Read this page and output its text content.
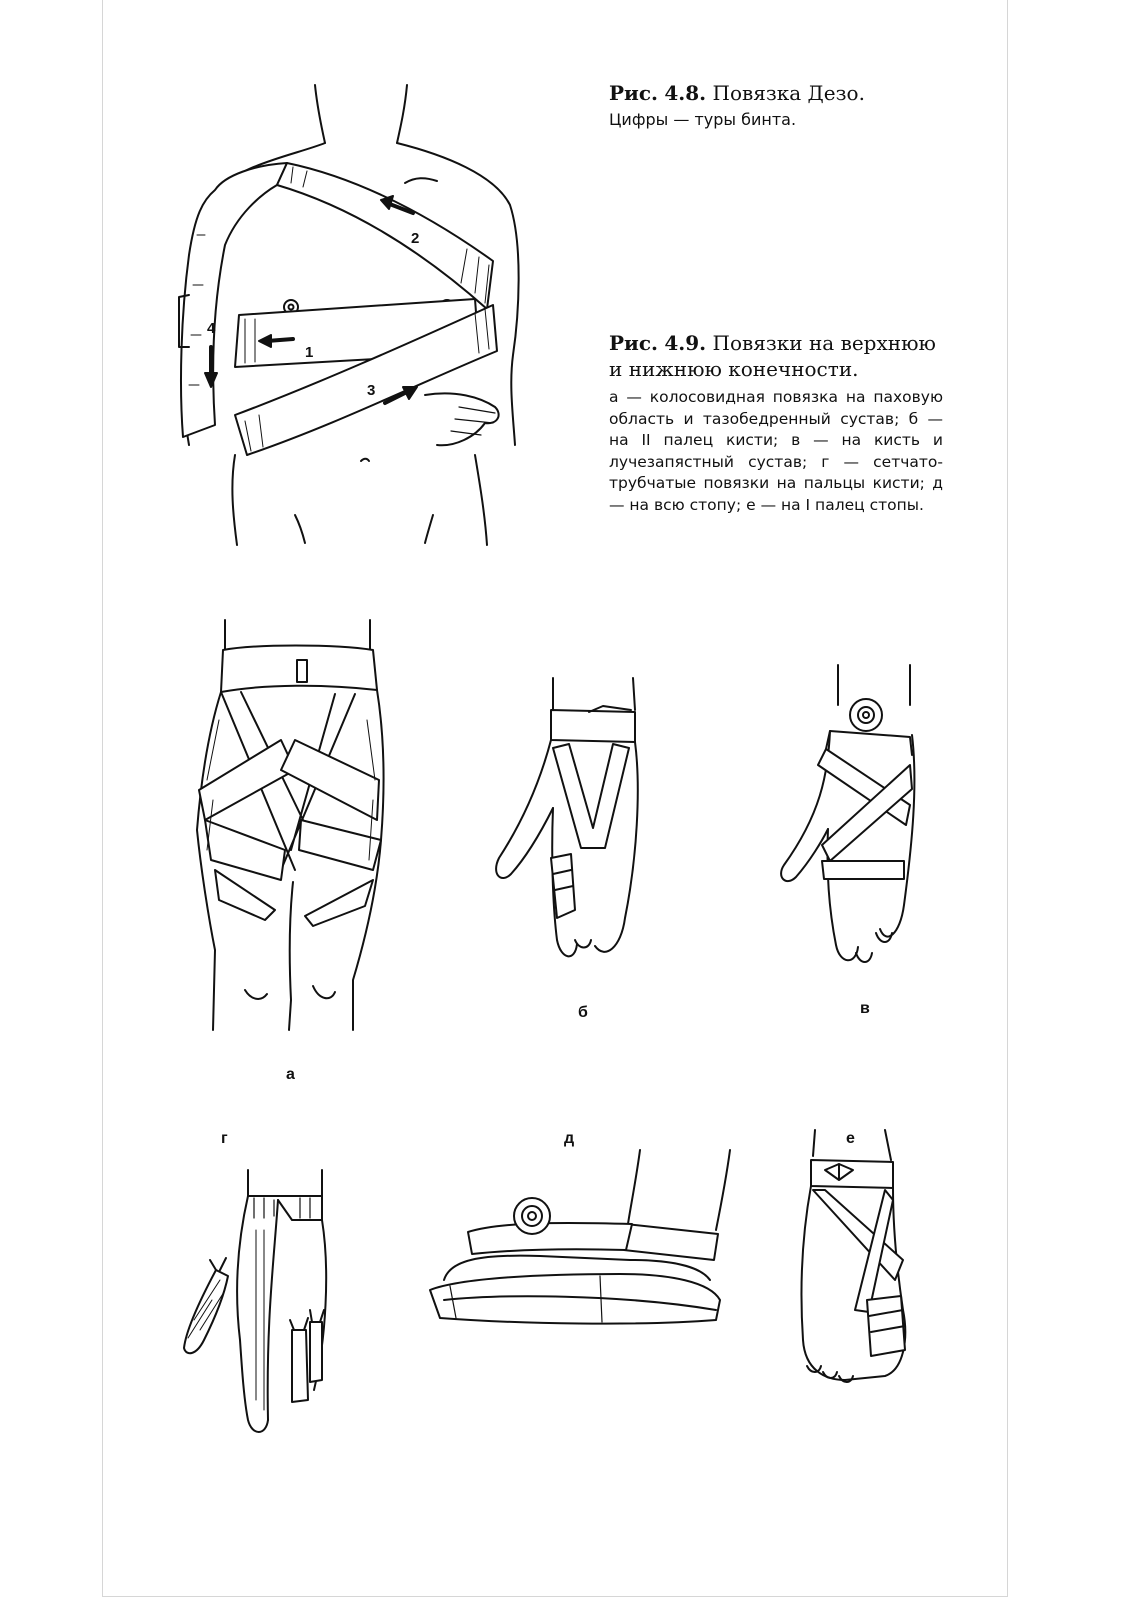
2
1
3
4
Рис. 4.8. Повязка Дезо.
Цифры — туры бинта.
Рис. 4.9. Повязки на верхнюю и нижнюю конечности.
а — колосовидная повязка на паховую область и тазобедренный сустав; б — на II палец кисти; в — на кисть и лучезапястный сустав; г — сетчато-трубчатые повязки на пальцы кисти; д — на всю стопу; е — на I палец стопы.
а
б	в
г	д	е
